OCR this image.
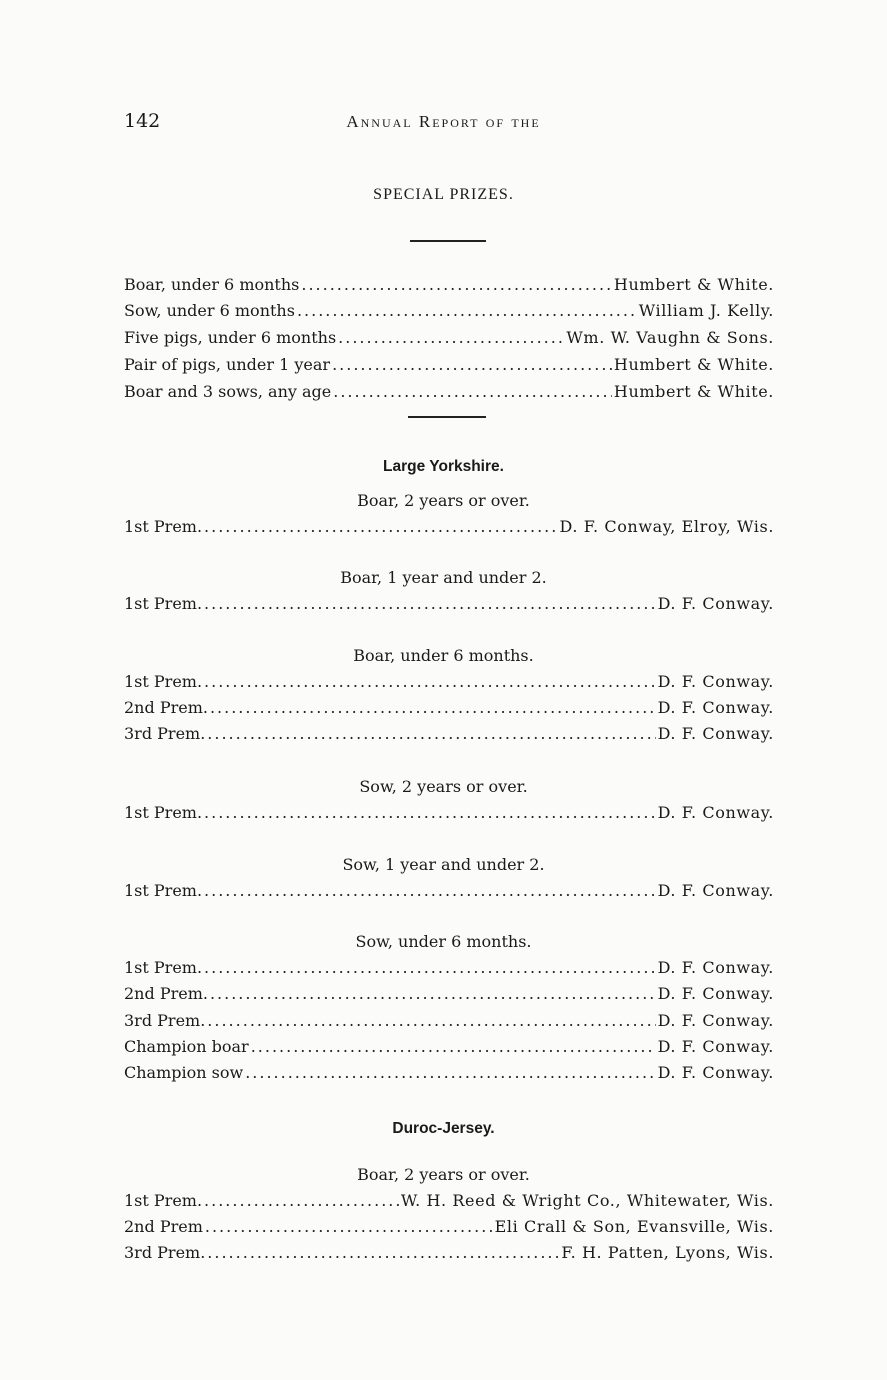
142	Annual Report of the
SPECIAL PRIZES.
Boar, under 6 months .....	Humbert & White.
Sow, under 6 months .....	William J. Kelly.
Five pigs, under 6 months .....	Wm. W. Vaughn & Sons.
Pair of pigs, under 1 year .....	Humbert & White.
Boar and 3 sows, any age .....	Humbert & White.
Large Yorkshire.
Boar, 2 years or over.
1st Prem. .....	D. F. Conway, Elroy, Wis.
Boar, 1 year and under 2.
1st Prem. .....	D. F. Conway.
Boar, under 6 months.
1st Prem. .....	D. F. Conway.
2nd Prem. .....	D. F. Conway.
3rd Prem. .....	D. F. Conway.
Sow, 2 years or over.
1st Prem. .....	D. F. Conway.
Sow, 1 year and under 2.
1st Prem. .....	D. F. Conway.
Sow, under 6 months.
1st Prem. .....	D. F. Conway.
2nd Prem. .....	D. F. Conway.
3rd Prem. .....	D. F. Conway.
Champion boar .....	D. F. Conway.
Champion sow .....	D. F. Conway.
Duroc-Jersey.
Boar, 2 years or over.
1st Prem. .....	W. H. Reed & Wright Co., Whitewater, Wis.
2nd Prem .....	Eli Crall & Son, Evansville, Wis.
3rd Prem. .....	F. H. Patten, Lyons, Wis.
